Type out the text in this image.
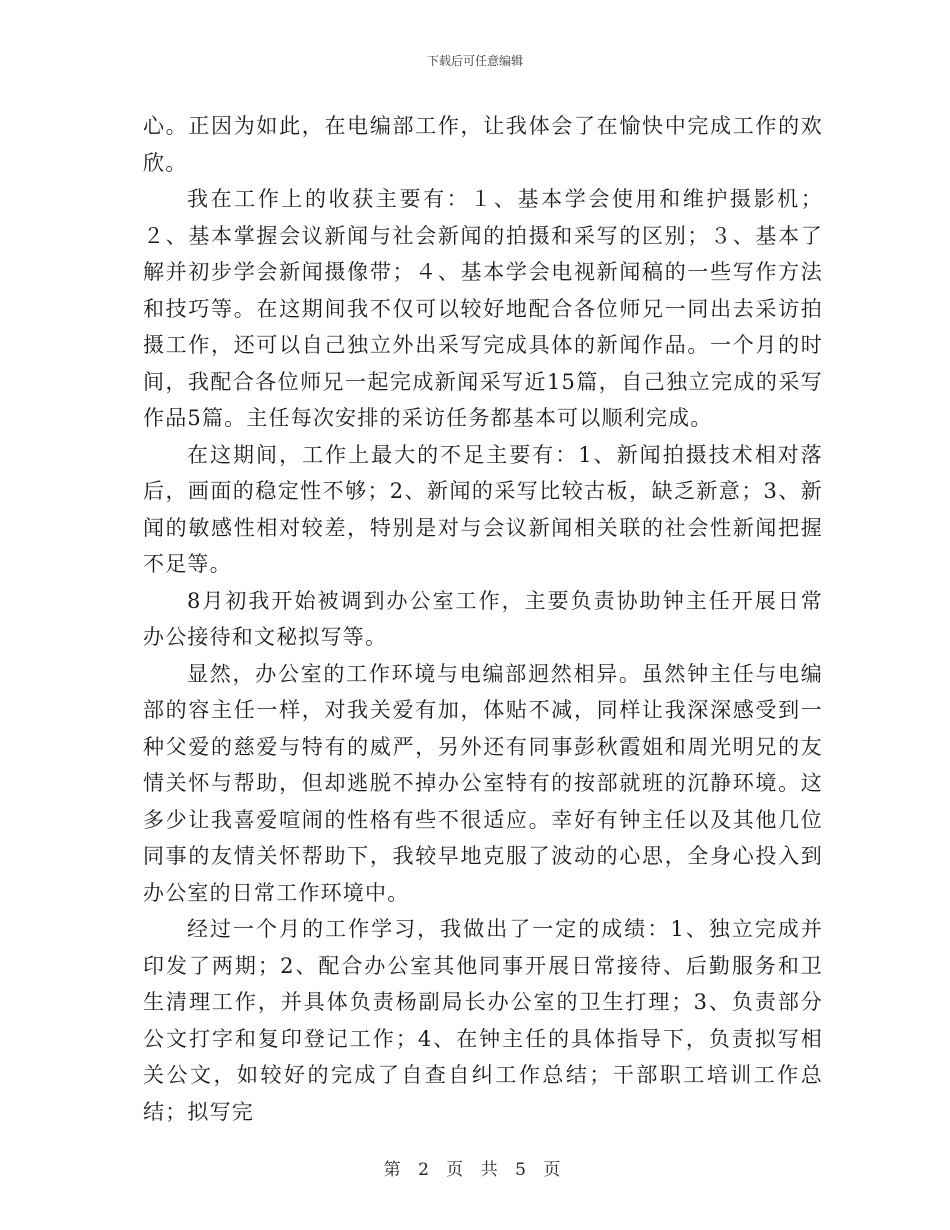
下载后可任意编辑

心。正因为如此，在电编部工作，让我体会了在愉快中完成工作的欢欣。

我在工作上的收获主要有：１、基本学会使用和维护摄影机；２、基本掌握会议新闻与社会新闻的拍摄和采写的区别；３、基本了解并初步学会新闻摄像带；４、基本学会电视新闻稿的一些写作方法和技巧等。在这期间我不仅可以较好地配合各位师兄一同出去采访拍摄工作，还可以自己独立外出采写完成具体的新闻作品。一个月的时间，我配合各位师兄一起完成新闻采写近15篇，自己独立完成的采写作品5篇。主任每次安排的采访任务都基本可以顺利完成。

在这期间，工作上最大的不足主要有：1、新闻拍摄技术相对落后，画面的稳定性不够；2、新闻的采写比较古板，缺乏新意；3、新闻的敏感性相对较差，特别是对与会议新闻相关联的社会性新闻把握不足等。

8月初我开始被调到办公室工作，主要负责协助钟主任开展日常办公接待和文秘拟写等。

显然，办公室的工作环境与电编部迥然相异。虽然钟主任与电编部的容主任一样，对我关爱有加，体贴不减，同样让我深深感受到一种父爱的慈爱与特有的威严，另外还有同事彭秋霞姐和周光明兄的友情关怀与帮助，但却逃脱不掉办公室特有的按部就班的沉静环境。这多少让我喜爱喧闹的性格有些不很适应。幸好有钟主任以及其他几位同事的友情关怀帮助下，我较早地克服了波动的心思，全身心投入到办公室的日常工作环境中。

经过一个月的工作学习，我做出了一定的成绩：1、独立完成并印发了两期；2、配合办公室其他同事开展日常接待、后勤服务和卫生清理工作，并具体负责杨副局长办公室的卫生打理；3、负责部分公文打字和复印登记工作；4、在钟主任的具体指导下，负责拟写相关公文，如较好的完成了自查自纠工作总结；干部职工培训工作总结；拟写完

第 2 页 共 5 页
